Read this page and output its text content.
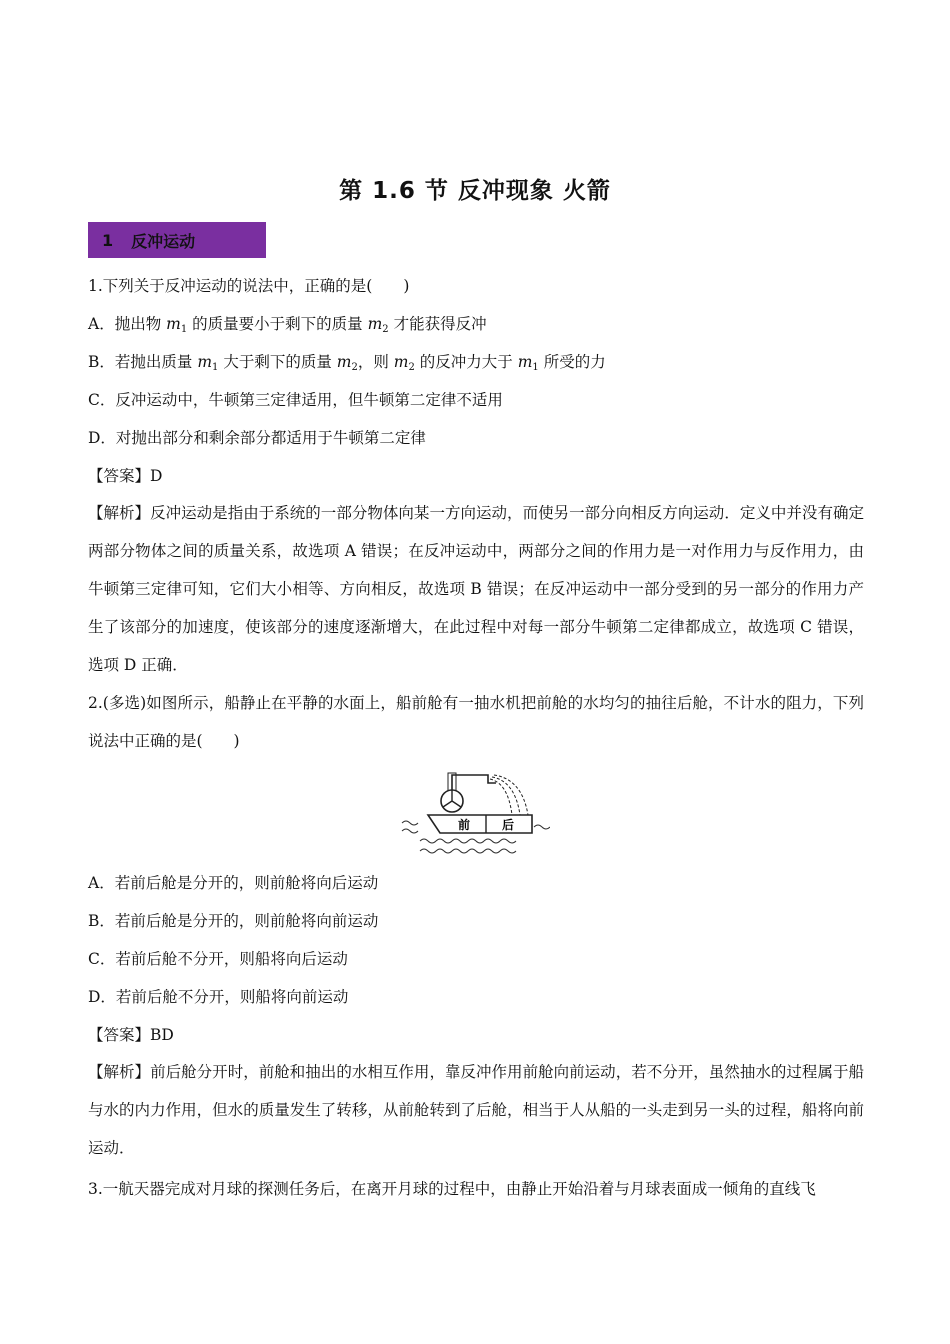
第 1.6 节 反冲现象 火箭
1 反冲运动
1.下列关于反冲运动的说法中，正确的是(　　)
A．抛出物 $m_1$ 的质量要小于剩下的质量 $m_2$ 才能获得反冲
B．若抛出质量 $m_1$ 大于剩下的质量 $m_2$，则 $m_2$ 的反冲力大于 $m_1$ 所受的力
C．反冲运动中，牛顿第三定律适用，但牛顿第二定律不适用
D．对抛出部分和剩余部分都适用于牛顿第二定律
【答案】D
【解析】反冲运动是指由于系统的一部分物体向某一方向运动，而使另一部分向相反方向运动．定义中并没有确定两部分物体之间的质量关系，故选项 A 错误；在反冲运动中，两部分之间的作用力是一对作用力与反作用力，由牛顿第三定律可知，它们大小相等、方向相反，故选项 B 错误；在反冲运动中一部分受到的另一部分的作用力产生了该部分的加速度，使该部分的速度逐渐增大，在此过程中对每一部分牛顿第二定律都成立，故选项 C 错误，选项 D 正确．
2.(多选)如图所示，船静止在平静的水面上，船前舱有一抽水机把前舱的水均匀的抽往后舱，不计水的阻力，下列说法中正确的是(　　)
前	后
A．若前后舱是分开的，则前舱将向后运动
B．若前后舱是分开的，则前舱将向前运动
C．若前后舱不分开，则船将向后运动
D．若前后舱不分开，则船将向前运动
【答案】BD
【解析】前后舱分开时，前舱和抽出的水相互作用，靠反冲作用前舱向前运动，若不分开，虽然抽水的过程属于船与水的内力作用，但水的质量发生了转移，从前舱转到了后舱，相当于人从船的一头走到另一头的过程，船将向前运动．
3.一航天器完成对月球的探测任务后，在离开月球的过程中，由静止开始沿着与月球表面成一倾角的直线飞
